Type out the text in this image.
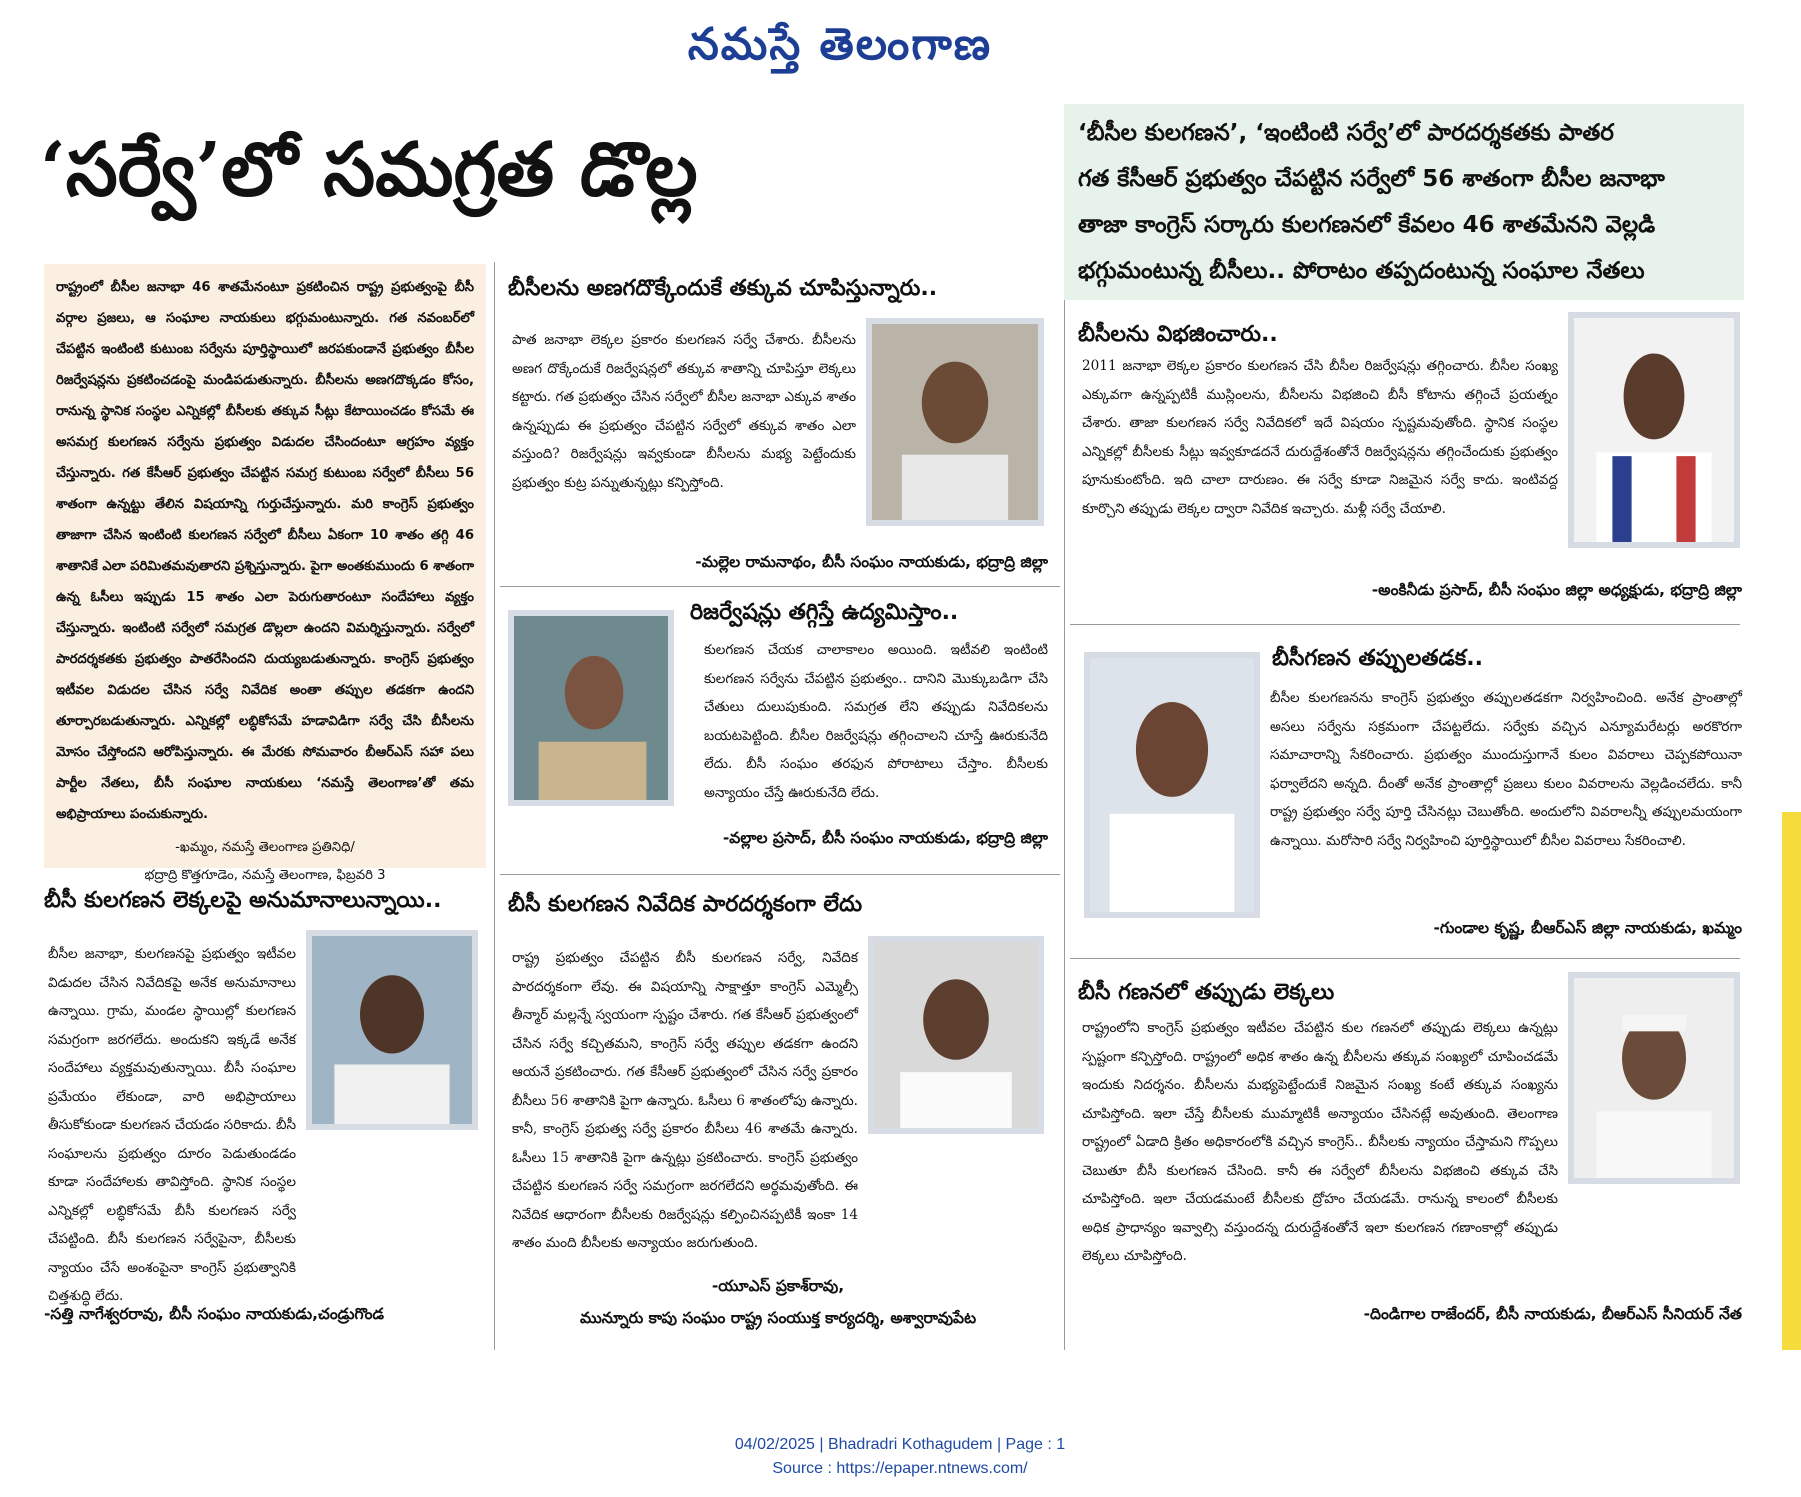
నమస్తే తెలంగాణ
‘సర్వే’లో సమగ్రత డొల్ల	‘బీసీల కులగణన’, ‘ఇంటింటి సర్వే’లో పారదర్శకతకు పాతర
గత కేసీఆర్‌ ప్రభుత్వం చేపట్టిన సర్వేలో 56 శాతంగా బీసీల జనాభా
తాజా కాంగ్రెస్‌ సర్కారు కులగణనలో కేవలం 46 శాతమేనని వెల్లడి
భగ్గుమంటున్న బీసీలు.. పోరాటం తప్పదంటున్న సంఘాల నేతలు
రాష్ట్రంలో బీసీల జనాభా 46 శాతమేనంటూ ప్రకటించిన రాష్ట్ర ప్రభుత్వంపై బీసీ వర్గాల ప్రజలు, ఆ సంఘాల నాయకులు భగ్గుమంటున్నారు. గత నవంబర్‌లో చేపట్టిన ఇంటింటి కుటుంబ సర్వేను పూర్తిస్థాయిలో జరపకుండానే ప్రభుత్వం బీసీల రిజర్వేషన్లను ప్రకటించడంపై మండిపడుతున్నారు. బీసీలను అణగదొక్కడం కోసం, రానున్న స్థానిక సంస్థల ఎన్నికల్లో బీసీలకు తక్కువ సీట్లు కేటాయించడం కోసమే ఈ అసమగ్ర కులగణన సర్వేను ప్రభుత్వం విడుదల చేసిందంటూ ఆగ్రహం వ్యక్తం చేస్తున్నారు. గత కేసీఆర్‌ ప్రభుత్వం చేపట్టిన సమగ్ర కుటుంబ సర్వేలో బీసీలు 56 శాతంగా ఉన్నట్టు తేలిన విషయాన్ని గుర్తుచేస్తున్నారు. మరి కాంగ్రెస్‌ ప్రభుత్వం తాజాగా చేసిన ఇంటింటి కులగణన సర్వేలో బీసీలు ఏకంగా 10 శాతం తగ్గి 46 శాతానికే ఎలా పరిమితమవుతారని ప్రశ్నిస్తున్నారు. పైగా అంతకుముందు 6 శాతంగా ఉన్న ఓసీలు ఇప్పుడు 15 శాతం ఎలా పెరుగుతారంటూ సందేహాలు వ్యక్తం చేస్తున్నారు. ఇంటింటి సర్వేలో సమగ్రత డొల్లలా ఉందని విమర్శిస్తున్నారు. సర్వేలో పారదర్శకతకు ప్రభుత్వం పాతరేసిందని దుయ్యబడుతున్నారు. కాంగ్రెస్‌ ప్రభుత్వం ఇటీవల విడుదల చేసిన సర్వే నివేదిక అంతా తప్పుల తడకగా ఉందని తూర్పారబడుతున్నారు. ఎన్నికల్లో లబ్ధికోసమే హడావిడిగా సర్వే చేసి బీసీలను మోసం చేస్తోందని ఆరోపిస్తున్నారు. ఈ మేరకు సోమవారం బీఆర్‌ఎస్‌ సహా పలు పార్టీల నేతలు, బీసీ సంఘాల నాయకులు ‘నమస్తే తెలంగాణ’తో తమ అభిప్రాయాలు పంచుకున్నారు.
-ఖమ్మం, నమస్తే తెలంగాణ ప్రతినిధి/
భద్రాద్రి కొత్తగూడెం, నమస్తే తెలంగాణ, ఫిబ్రవరి 3
బీసీలను అణగదొక్కేందుకే తక్కువ చూపిస్తున్నారు..
పాత జనాభా లెక్కల ప్రకారం కులగణన సర్వే చేశారు. బీసీలను అణగ దొక్కేందుకే రిజర్వేషన్లలో తక్కువ శాతాన్ని చూపిస్తూ లెక్కలు కట్టారు. గత ప్రభుత్వం చేసిన సర్వేలో బీసీల జనాభా ఎక్కువ శాతం ఉన్నప్పుడు ఈ ప్రభుత్వం చేపట్టిన సర్వేలో తక్కువ శాతం ఎలా వస్తుంది? రిజర్వేషన్లు ఇవ్వకుండా బీసీలను మభ్య పెట్టేందుకు ప్రభుత్వం కుట్ర పన్నుతున్నట్లు కన్పిస్తోంది.
-మల్లెల రామనాథం, బీసీ సంఘం నాయకుడు, భద్రాద్రి జిల్లా
రిజర్వేషన్లు తగ్గిస్తే ఉద్యమిస్తాం..
కులగణన చేయక చాలాకాలం అయింది. ఇటీవలి ఇంటింటి కులగణన సర్వేను చేపట్టిన ప్రభుత్వం.. దానిని మొక్కుబడిగా చేసి చేతులు దులుపుకుంది. సమగ్రత లేని తప్పుడు నివేదికలను బయటపెట్టింది. బీసీల రిజర్వేషన్లు తగ్గించాలని చూస్తే ఊరుకునేది లేదు. బీసీ సంఘం తరఫున పోరాటాలు చేస్తాం. బీసీలకు అన్యాయం చేస్తే ఊరుకునేది లేదు.
-వల్లాల ప్రసాద్‌, బీసీ సంఘం నాయకుడు, భద్రాద్రి జిల్లా
బీసీ కులగణన లెక్కలపై అనుమానాలున్నాయి..
బీసీల జనాభా, కులగణనపై ప్రభుత్వం ఇటీవల విడుదల చేసిన నివేదికపై అనేక అనుమానాలు ఉన్నాయి. గ్రామ, మండల స్థాయిల్లో కులగణన సమగ్రంగా జరగలేదు. అందుకని ఇక్కడే అనేక సందేహాలు వ్యక్తమవుతున్నాయి. బీసీ సంఘాల ప్రమేయం లేకుండా, వారి అభిప్రాయాలు తీసుకోకుండా కులగణన చేయడం సరికాదు. బీసీ సంఘాలను ప్రభుత్వం దూరం పెడుతుండడం కూడా సందేహాలకు తావిస్తోంది. స్థానిక సంస్థల ఎన్నికల్లో లబ్ధికోసమే బీసీ కులగణన సర్వే చేపట్టింది. బీసీ కులగణన సర్వేపైనా, బీసీలకు న్యాయం చేసే అంశంపైనా కాంగ్రెస్‌ ప్రభుత్వానికి చిత్తశుద్ధి లేదు.
-సత్తి నాగేశ్వరరావు, బీసీ సంఘం నాయకుడు,చండ్రుగొండ
బీసీ కులగణన నివేదిక పారదర్శకంగా లేదు
రాష్ట్ర ప్రభుత్వం చేపట్టిన బీసీ కులగణన సర్వే, నివేదిక పారదర్శకంగా లేవు. ఈ విషయాన్ని సాక్షాత్తూ కాంగ్రెస్‌ ఎమ్మెల్సీ తీన్మార్‌ మల్లన్నే స్వయంగా స్పష్టం చేశారు. గత కేసీఆర్‌ ప్రభుత్వంలో చేసిన సర్వే కచ్చితమని, కాంగ్రెస్‌ సర్వే తప్పుల తడకగా ఉందని ఆయనే ప్రకటించారు. గత కేసీఆర్‌ ప్రభుత్వంలో చేసిన సర్వే ప్రకారం బీసీలు 56 శాతానికి పైగా ఉన్నారు. ఓసీలు 6 శాతంలోపు ఉన్నారు. కానీ, కాంగ్రెస్‌ ప్రభుత్వ సర్వే ప్రకారం బీసీలు 46 శాతమే ఉన్నారు. ఓసీలు 15 శాతానికి పైగా ఉన్నట్లు ప్రకటించారు. కాంగ్రెస్‌ ప్రభుత్వం చేపట్టిన కులగణన సర్వే సమగ్రంగా జరగలేదని అర్థమవుతోంది. ఈ నివేదిక ఆధారంగా బీసీలకు రిజర్వేషన్లు కల్పించినప్పటికీ ఇంకా 14 శాతం మంది బీసీలకు అన్యాయం జరుగుతుంది.
-యూఎస్‌ ప్రకాశ్‌రావు,
మున్నూరు కాపు సంఘం రాష్ట్ర సంయుక్త కార్యదర్శి, అశ్వారావుపేట
బీసీలను విభజించారు..
2011 జనాభా లెక్కల ప్రకారం కులగణన చేసి బీసీల రిజర్వేషన్లు తగ్గించారు. బీసీల సంఖ్య ఎక్కువగా ఉన్నప్పటికీ ముస్లింలను, బీసీలను విభజించి బీసీ కోటాను తగ్గించే ప్రయత్నం చేశారు. తాజా కులగణన సర్వే నివేదికలో ఇదే విషయం స్పష్టమవుతోంది. స్థానిక సంస్థల ఎన్నికల్లో బీసీలకు సీట్లు ఇవ్వకూడదనే దురుద్దేశంతోనే రిజర్వేషన్లను తగ్గించేందుకు ప్రభుత్వం పూనుకుంటోంది. ఇది చాలా దారుణం. ఈ సర్వే కూడా నిజమైన సర్వే కాదు. ఇంటివద్ద కూర్చొని తప్పుడు లెక్కల ద్వారా నివేదిక ఇచ్చారు. మళ్లీ సర్వే చేయాలి.
-అంకినీడు ప్రసాద్‌, బీసీ సంఘం జిల్లా అధ్యక్షుడు, భద్రాద్రి జిల్లా
బీసీగణన తప్పులతడక..
బీసీల కులగణనను కాంగ్రెస్‌ ప్రభుత్వం తప్పులతడకగా నిర్వహించింది. అనేక ప్రాంతాల్లో అసలు సర్వేను సక్రమంగా చేపట్టలేదు. సర్వేకు వచ్చిన ఎన్యూమరేటర్లు అరకొరగా సమాచారాన్ని సేకరించారు. ప్రభుత్వం ముందుస్తుగానే కులం వివరాలు చెప్పకపోయినా ఫర్వాలేదని అన్నది. దీంతో అనేక ప్రాంతాల్లో ప్రజలు కులం వివరాలను వెల్లడించలేదు. కానీ రాష్ట్ర ప్రభుత్వం సర్వే పూర్తి చేసినట్లు చెబుతోంది. అందులోని వివరాలన్నీ తప్పులమయంగా ఉన్నాయి. మరోసారి సర్వే నిర్వహించి పూర్తిస్థాయిలో బీసీల వివరాలు సేకరించాలి.
-గుండాల కృష్ణ, బీఆర్‌ఎస్‌ జిల్లా నాయకుడు, ఖమ్మం
బీసీ గణనలో తప్పుడు లెక్కలు
రాష్ట్రంలోని కాంగ్రెస్‌ ప్రభుత్వం ఇటీవల చేపట్టిన కుల గణనలో తప్పుడు లెక్కలు ఉన్నట్లు స్పష్టంగా కన్పిస్తోంది. రాష్ట్రంలో అధిక శాతం ఉన్న బీసీలను తక్కువ సంఖ్యలో చూపించడమే ఇందుకు నిదర్శనం. బీసీలను మభ్యపెట్టేందుకే నిజమైన సంఖ్య కంటే తక్కువ సంఖ్యను చూపిస్తోంది. ఇలా చేస్తే బీసీలకు ముమ్మాటికీ అన్యాయం చేసినట్లే అవుతుంది. తెలంగాణ రాష్ట్రంలో ఏడాది క్రితం అధికారంలోకి వచ్చిన కాంగ్రెస్‌.. బీసీలకు న్యాయం చేస్తామని గొప్పలు చెబుతూ బీసీ కులగణన చేసింది. కానీ ఈ సర్వేలో బీసీలను విభజించి తక్కువ చేసి చూపిస్తోంది. ఇలా చేయడమంటే బీసీలకు ద్రోహం చేయడమే. రానున్న కాలంలో బీసీలకు అధిక ప్రాధాన్యం ఇవ్వాల్సి వస్తుందన్న దురుద్దేశంతోనే ఇలా కులగణన గణాంకాల్లో తప్పుడు లెక్కలు చూపిస్తోంది.
-దిండిగాల రాజేందర్‌, బీసీ నాయకుడు, బీఆర్‌ఎస్‌ సీనియర్‌ నేత
04/02/2025 | Bhadradri Kothagudem | Page : 1
Source : https://epaper.ntnews.com/
